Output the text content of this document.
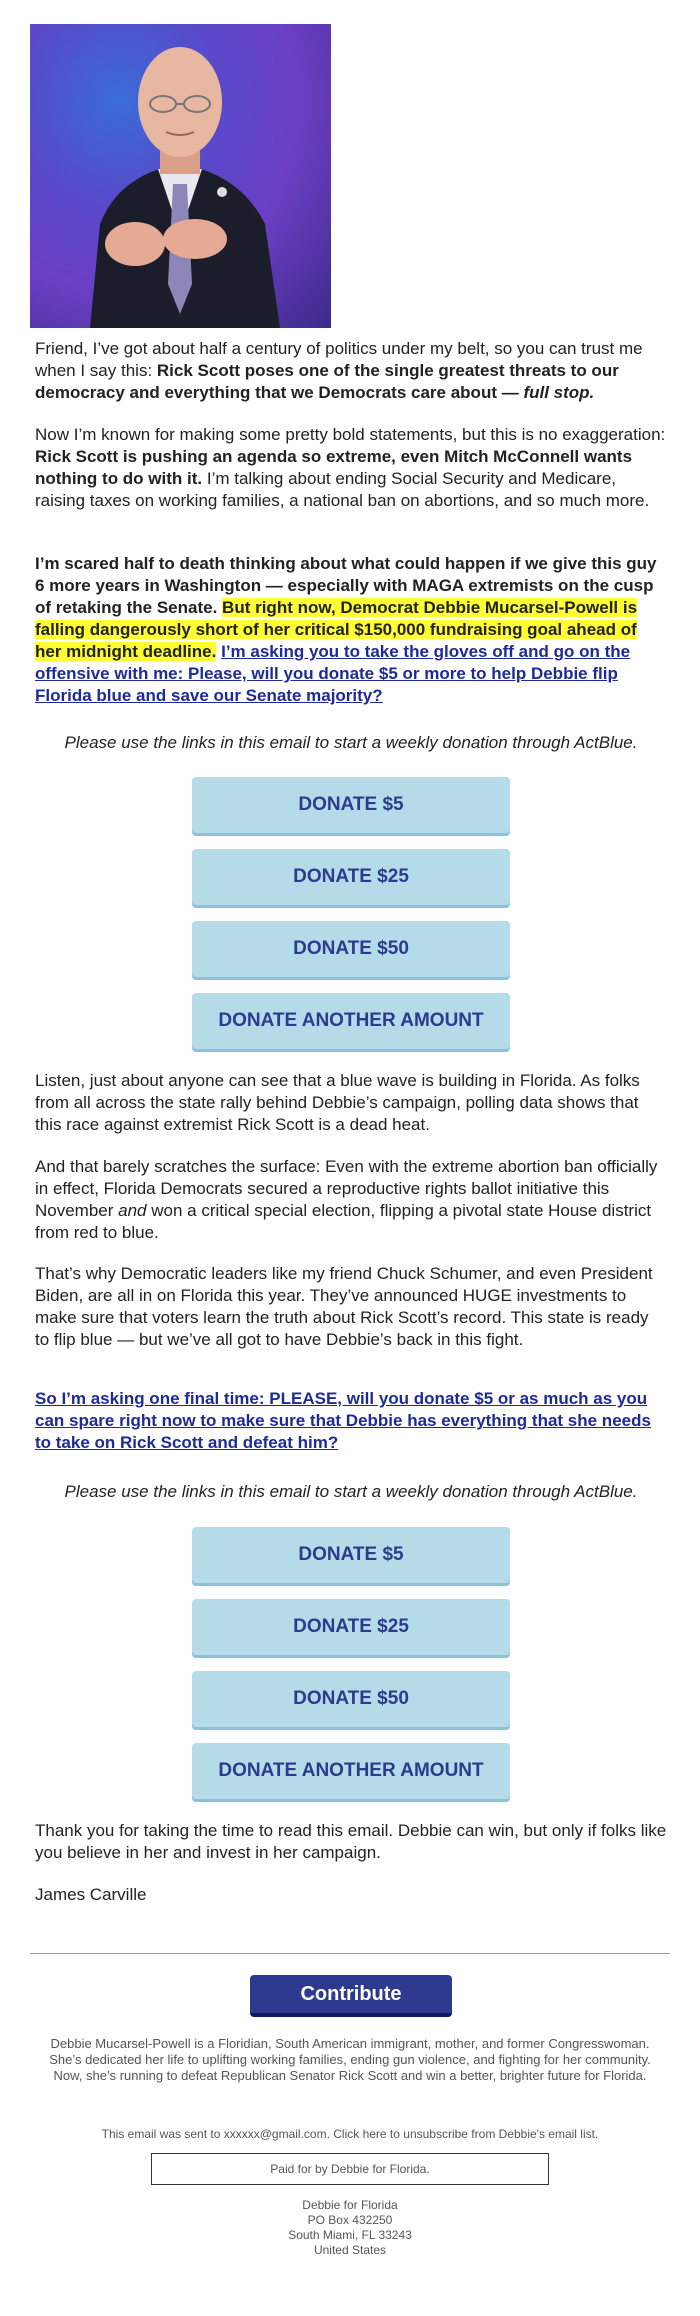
Friend, I’ve got about half a century of politics under my belt, so you can trust me when I say this: Rick Scott poses one of the single greatest threats to our democracy and everything that we Democrats care about — full stop.

Now I’m known for making some pretty bold statements, but this is no exaggeration: Rick Scott is pushing an agenda so extreme, even Mitch McConnell wants nothing to do with it. I’m talking about ending Social Security and Medicare, raising taxes on working families, a national ban on abortions, and so much more.

I’m scared half to death thinking about what could happen if we give this guy 6 more years in Washington — especially with MAGA extremists on the cusp of retaking the Senate. But right now, Democrat Debbie Mucarsel-Powell is falling dangerously short of her critical $150,000 fundraising goal ahead of her midnight deadline. I’m asking you to take the gloves off and go on the offensive with me: Please, will you donate $5 or more to help Debbie flip Florida blue and save our Senate majority?

Please use the links in this email to start a weekly donation through ActBlue.
DONATE $5
DONATE $25
DONATE $50
DONATE ANOTHER AMOUNT

Listen, just about anyone can see that a blue wave is building in Florida. As folks from all across the state rally behind Debbie’s campaign, polling data shows that this race against extremist Rick Scott is a dead heat.

And that barely scratches the surface: Even with the extreme abortion ban officially in effect, Florida Democrats secured a reproductive rights ballot initiative this November and won a critical special election, flipping a pivotal state House district from red to blue.

That’s why Democratic leaders like my friend Chuck Schumer, and even President Biden, are all in on Florida this year. They’ve announced HUGE investments to make sure that voters learn the truth about Rick Scott’s record. This state is ready to flip blue — but we’ve all got to have Debbie’s back in this fight.

So I’m asking one final time: PLEASE, will you donate $5 or as much as you can spare right now to make sure that Debbie has everything that she needs to take on Rick Scott and defeat him?

Please use the links in this email to start a weekly donation through ActBlue.
DONATE $5
DONATE $25
DONATE $50
DONATE ANOTHER AMOUNT

Thank you for taking the time to read this email. Debbie can win, but only if folks like you believe in her and invest in her campaign.

James Carville

Contribute
Debbie Mucarsel-Powell is a Floridian, South American immigrant, mother, and former Congresswoman. She’s dedicated her life to uplifting working families, ending gun violence, and fighting for her community. Now, she’s running to defeat Republican Senator Rick Scott and win a better, brighter future for Florida.
This email was sent to xxxxxx@gmail.com. Click here to unsubscribe from Debbie's email list.
Paid for by Debbie for Florida.
Debbie for Florida
PO Box 432250
South Miami, FL 33243
United States
